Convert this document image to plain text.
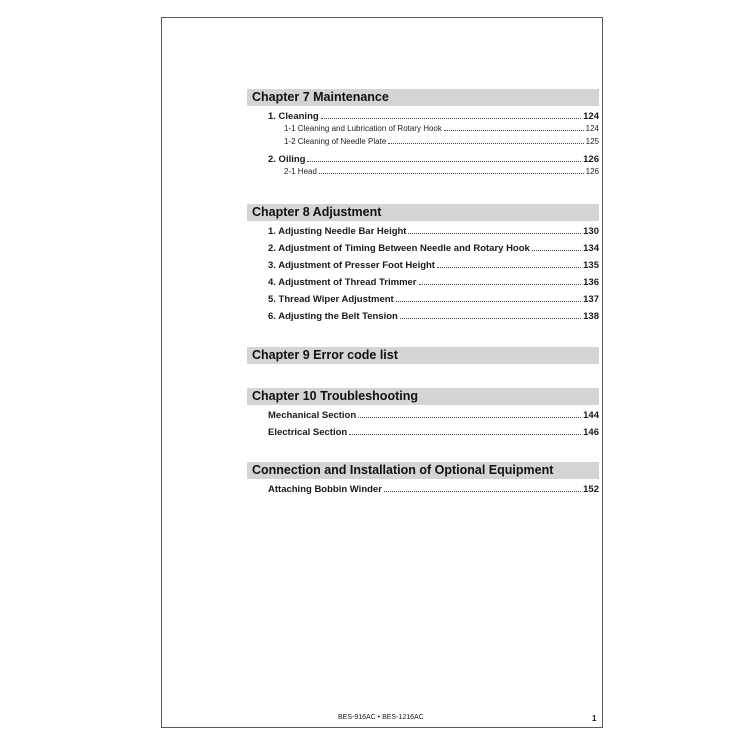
Chapter 7 Maintenance
1. Cleaning	124
1-1 Cleaning and Lubrication of Rotary Hook	124
1-2 Cleaning of Needle Plate	125
2. Oiling	126
2-1 Head	126
Chapter 8 Adjustment
1. Adjusting Needle Bar Height	130
2. Adjustment of Timing Between Needle and Rotary Hook	134
3. Adjustment of Presser Foot Height	135
4. Adjustment of Thread Trimmer	136
5. Thread Wiper Adjustment	137
6. Adjusting the Belt Tension	138
Chapter 9 Error code list
Chapter 10 Troubleshooting
Mechanical Section	144
Electrical Section	146
Connection and Installation of Optional Equipment
Attaching Bobbin Winder	152
BES-916AC • BES-1216AC	1
